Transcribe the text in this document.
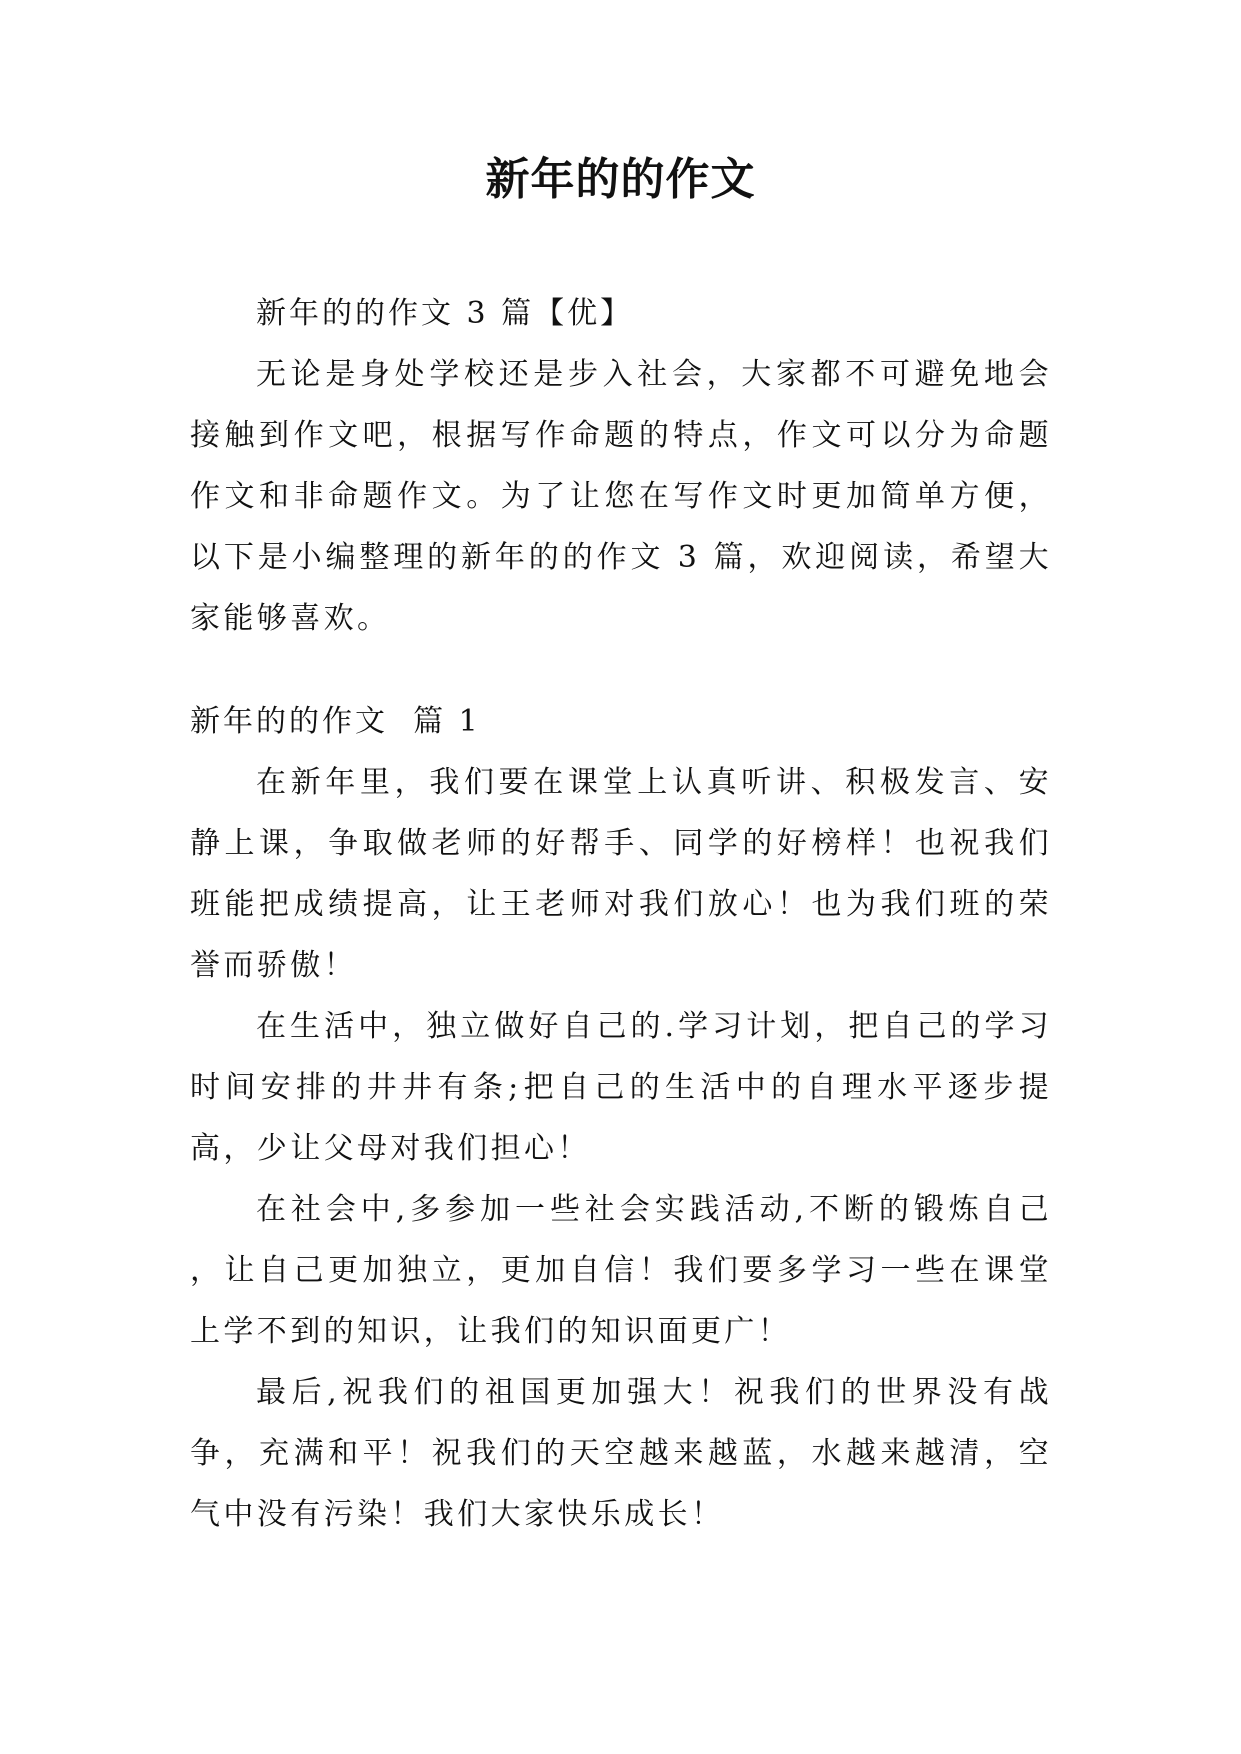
新年的的作文
新年的的作文 3 篇【优】

无论是身处学校还是步入社会，大家都不可避免地会接触到作文吧，根据写作命题的特点，作文可以分为命题作文和非命题作文。为了让您在写作文时更加简单方便，以下是小编整理的新年的的作文 3 篇，欢迎阅读，希望大家能够喜欢。

新年的的作文  篇 1

在新年里，我们要在课堂上认真听讲、积极发言、安静上课，争取做老师的好帮手、同学的好榜样！也祝我们班能把成绩提高，让王老师对我们放心！也为我们班的荣誉而骄傲！

在生活中，独立做好自己的.学习计划，把自己的学习时间安排的井井有条;把自己的生活中的自理水平逐步提高，少让父母对我们担心！

在社会中,多参加一些社会实践活动,不断的锻炼自己 ，让自己更加独立，更加自信！我们要多学习一些在课堂上学不到的知识，让我们的知识面更广！

最后,祝我们的祖国更加强大！祝我们的世界没有战争，充满和平！祝我们的天空越来越蓝，水越来越清，空气中没有污染！我们大家快乐成长！
